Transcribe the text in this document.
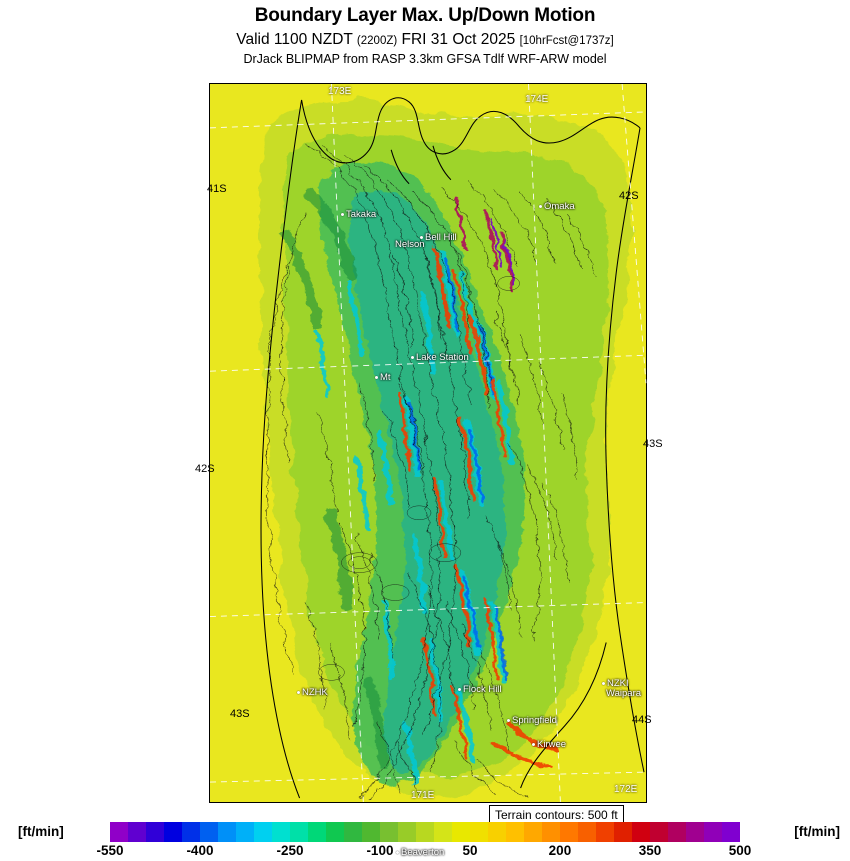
Boundary Layer Max. Up/Down Motion
Valid 1100 NZDT (2200Z) FRI 31 Oct 2025 [10hrFcst@1737z]
DrJack BLIPMAP from RASP 3.3km GFSA Tdlf WRF-ARW model
Takaka
Omaka
Bell Hill
Nelson
Lake Station
Mt
NZHK	Flock Hill
NZKI
Waipara
Springfield
Kirwee
Beaverton
173E
174E
171E
172E
41S
42S
43S
42S
43S
44S
Terrain contours: 500 ft
[ft/min]	[ft/min]
-550	-400	-250	-100	50	200	350	500
